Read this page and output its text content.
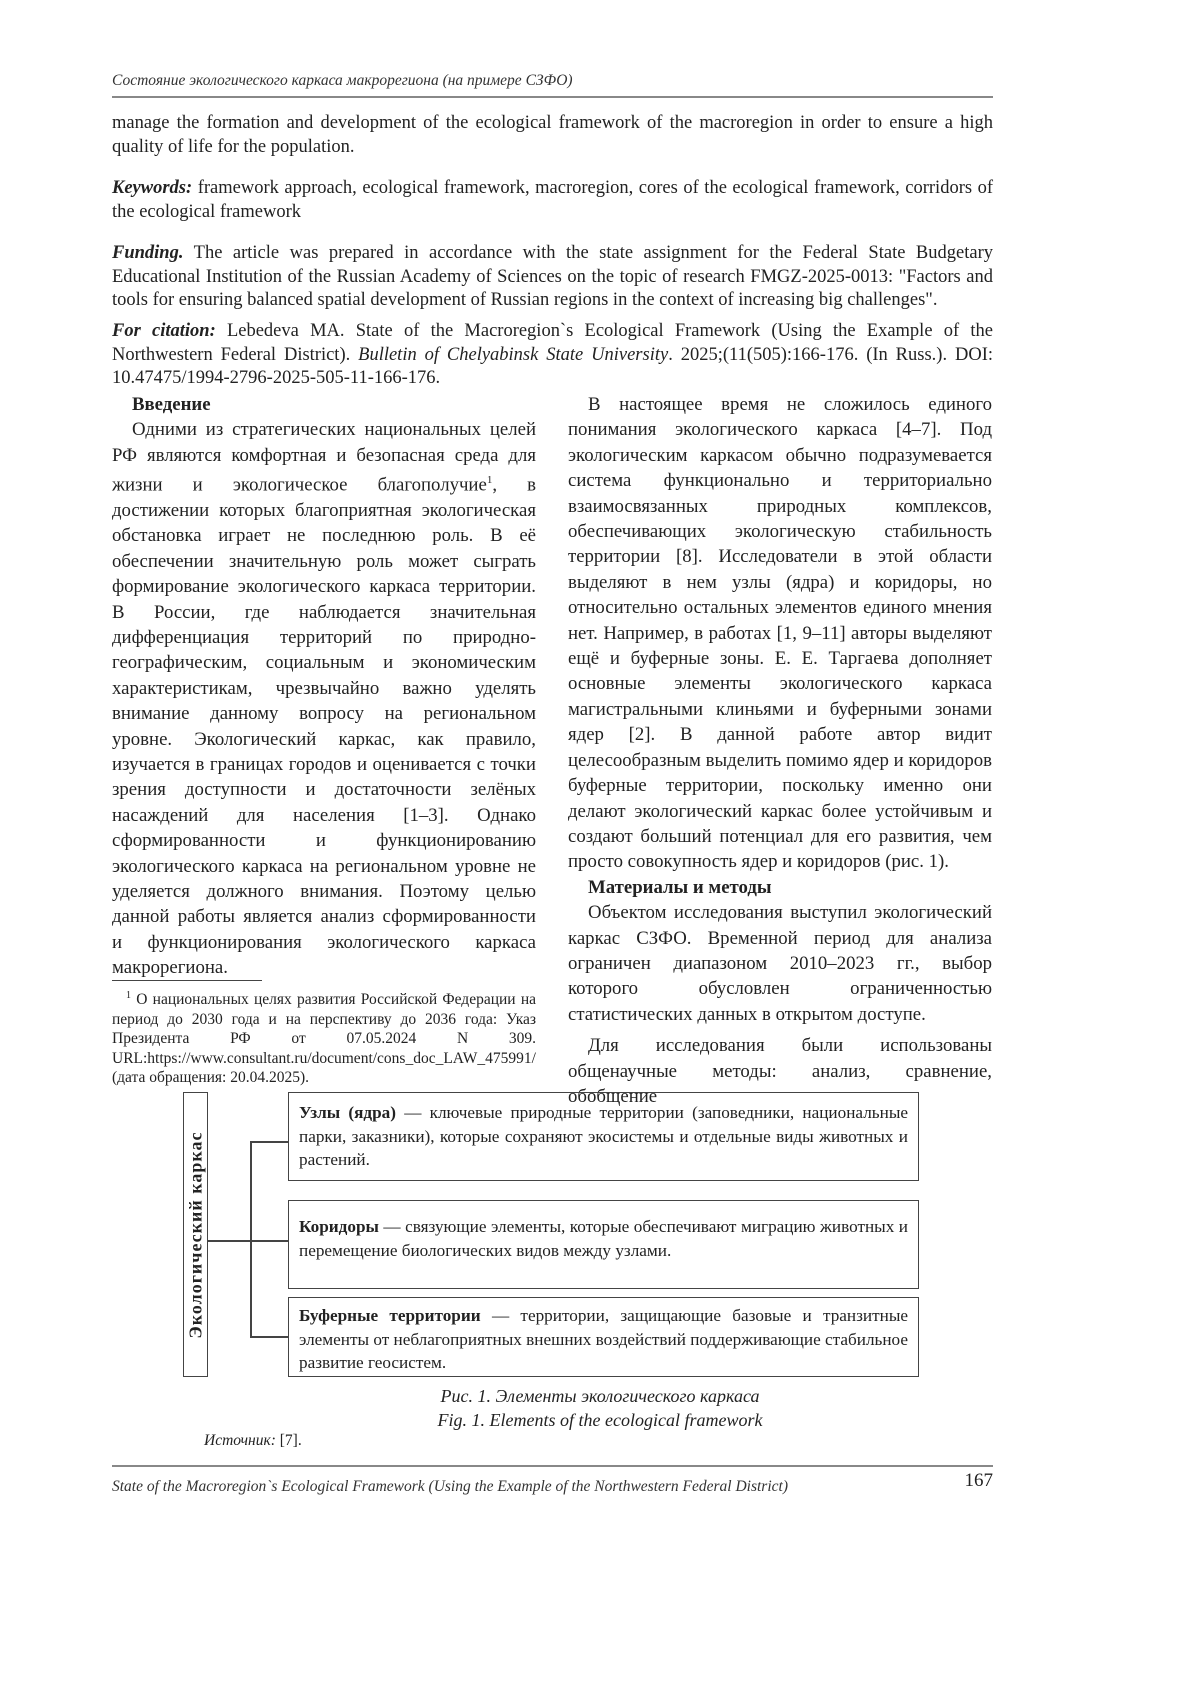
Состояние экологического каркаса макрорегиона (на примере СЗФО)
manage the formation and development of the ecological framework of the macroregion in order to ensure a high quality of life for the population.
Keywords: framework approach, ecological framework, macroregion, cores of the ecological framework, corridors of the ecological framework
Funding. The article was prepared in accordance with the state assignment for the Federal State Budgetary Educational Institution of the Russian Academy of Sciences on the topic of research FMGZ-2025-0013: "Factors and tools for ensuring balanced spatial development of Russian regions in the context of increasing big challenges".
For citation: Lebedeva MA. State of the Macroregion`s Ecological Framework (Using the Example of the Northwestern Federal District). Bulletin of Chelyabinsk State University. 2025;(11(505):166-176. (In Russ.). DOI: 10.47475/1994-2796-2025-505-11-166-176.
Введение

Одними из стратегических национальных целей РФ являются комфортная и безопасная среда для жизни и экологическое благополучие$^1$, в достижении которых благоприятная экологическая обстановка играет не последнюю роль. В её обеспечении значительную роль может сыграть формирование экологического каркаса территории. В России, где наблюдается значительная дифференциация территорий по природно-географическим, социальным и экономическим характеристикам, чрезвычайно важно уделять внимание данному вопросу на региональном уровне. Экологический каркас, как правило, изучается в границах городов и оценивается с точки зрения доступности и достаточности зелёных насаждений для населения [1–3]. Однако сформированности и функционированию экологического каркаса на региональном уровне не уделяется должного внимания. Поэтому целью данной работы является анализ сформированности и функционирования экологического каркаса макрорегиона.

$^1$ О национальных целях развития Российской Федерации на период до 2030 года и на перспективу до 2036 года: Указ Президента РФ от 07.05.2024 N 309. URL:https://www.consultant.ru/document/cons_doc_LAW_475991/ (дата обращения: 20.04.2025).

В настоящее время не сложилось единого понимания экологического каркаса [4–7]. Под экологическим каркасом обычно подразумевается система функционально и территориально взаимосвязанных природных комплексов, обеспечивающих экологическую стабильность территории [8]. Исследователи в этой области выделяют в нем узлы (ядра) и коридоры, но относительно остальных элементов единого мнения нет. Например, в работах [1, 9–11] авторы выделяют ещё и буферные зоны. Е. Е. Таргаева дополняет основные элементы экологического каркаса магистральными клиньями и буферными зонами ядер [2]. В данной работе автор видит целесообразным выделить помимо ядер и коридоров буферные территории, поскольку именно они делают экологический каркас более устойчивым и создают больший потенциал для его развития, чем просто совокупность ядер и коридоров (рис. 1).

Материалы и методы

Объектом исследования выступил экологический каркас СЗФО. Временной период для анализа ограничен диапазоном 2010–2023 гг., выбор которого обусловлен ограниченностью статистических данных в открытом доступе.

Для исследования были использованы общенаучные методы: анализ, сравнение, обобщение

Экологический каркас
Узлы (ядра) — ключевые природные территории (заповедники, национальные парки, заказники), которые сохраняют экосистемы и отдельные виды животных и растений.
Коридоры — связующие элементы, которые обеспечивают миграцию животных и перемещение биологических видов между узлами.
Буферные территории — территории, защищающие базовые и транзитные элементы от неблагоприятных внешних воздействий поддерживающие стабильное развитие геосистем.
Рис. 1. Элементы экологического каркаса
Fig. 1. Elements of the ecological framework
Источник: [7].
State of the Macroregion`s Ecological Framework (Using the Example of the Northwestern Federal District)	167
